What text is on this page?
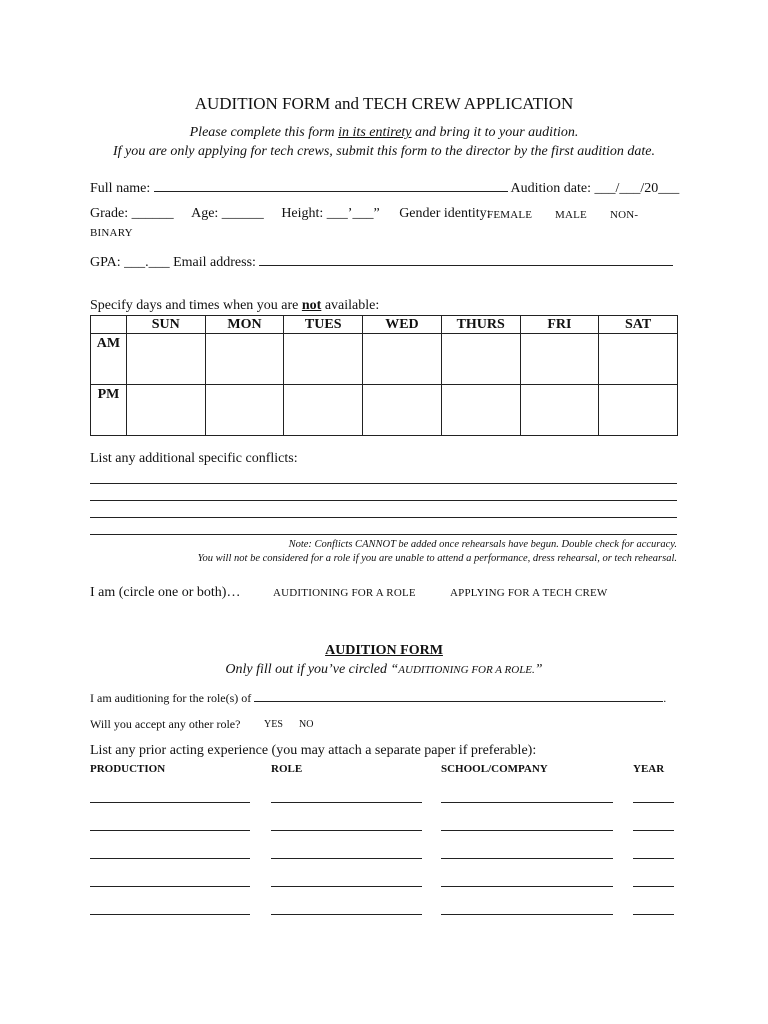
AUDITION FORM and TECH CREW APPLICATION
Please complete this form in its entirety and bring it to your audition.
If you are only applying for tech crews, submit this form to the director by the first audition date.
Full name:	Audition date: ___/___/20___
Grade: ______ Age: ______ Height: ___’___” Gender identity:
FEMALE MALE NON-
BINARY
GPA: ___.___ Email address:
Specify days and times when you are not available:
	SUN	MON	TUES	WED	THURS	FRI	SAT
AM							
PM							
List any additional specific conflicts:
Note: Conflicts CANNOT be added once rehearsals have begun. Double check for accuracy.
You will not be considered for a role if you are unable to attend a performance, dress rehearsal, or tech rehearsal.
I am (circle one or both)…	AUDITIONING FOR A ROLE	APPLYING FOR A TECH CREW
AUDITION FORM
Only fill out if you’ve circled “AUDITIONING FOR A ROLE.”
I am auditioning for the role(s) of	.
Will you accept any other role? YES NO
List any prior acting experience (you may attach a separate paper if preferable):
PRODUCTION	ROLE	SCHOOL/COMPANY	YEAR
